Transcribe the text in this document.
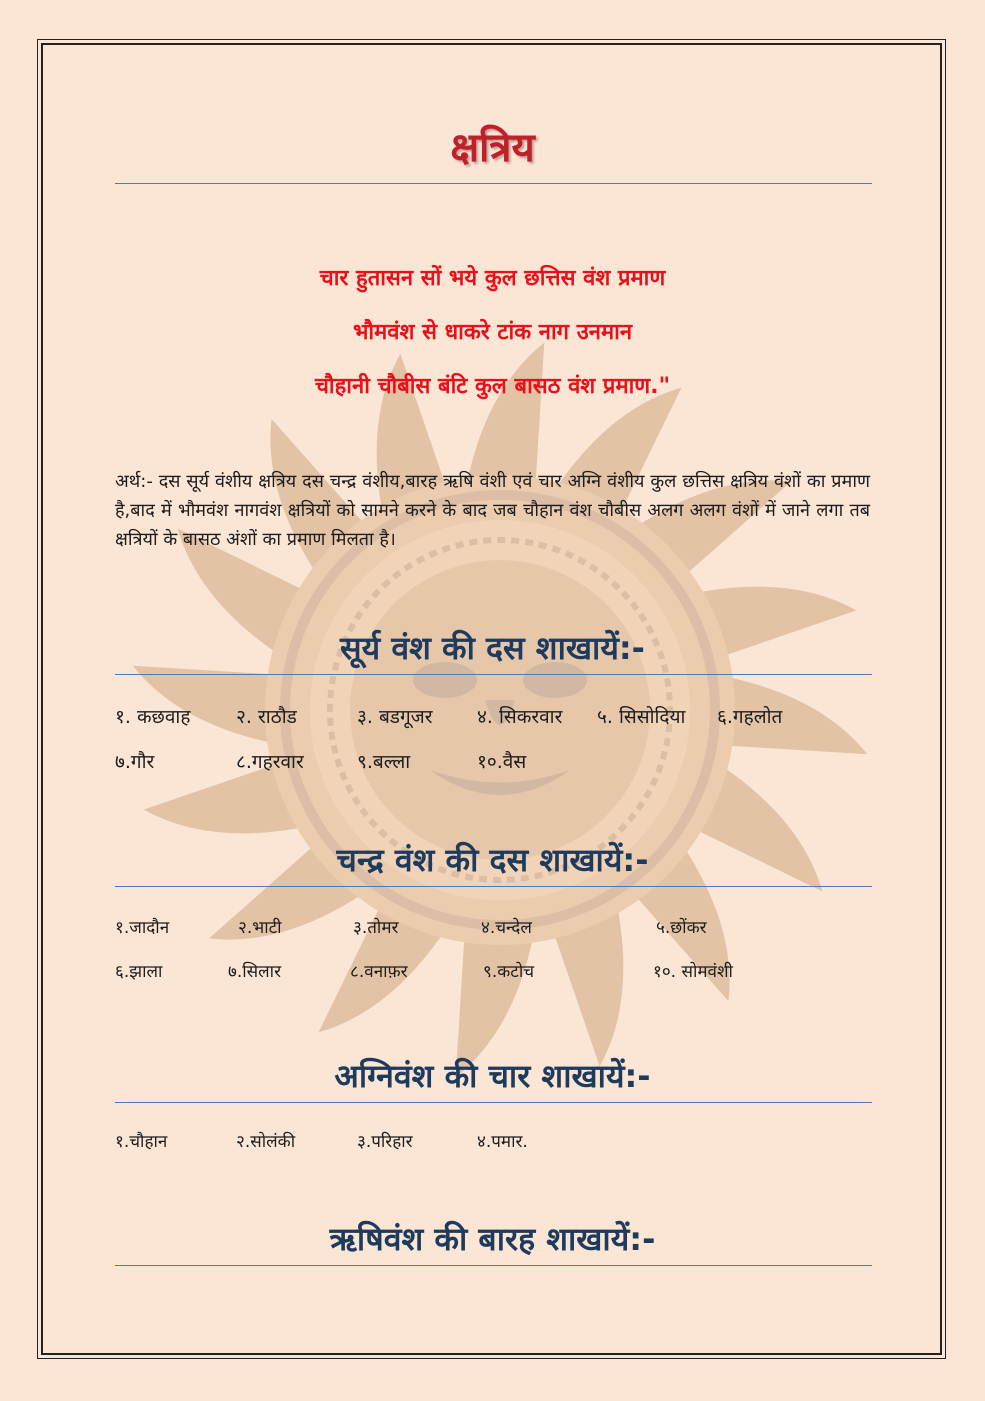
क्षत्रिय
चार हुतासन सों भये कुल छत्तिस वंश प्रमाण
भौमवंश से धाकरे टांक नाग उनमान
चौहानी चौबीस बंटि कुल बासठ वंश प्रमाण."
अर्थ:- दस सूर्य वंशीय क्षत्रिय दस चन्द्र वंशीय,बारह ऋषि वंशी एवं चार अग्नि वंशीय कुल छत्तिस क्षत्रिय वंशों का प्रमाण है,बाद में भौमवंश नागवंश क्षत्रियों को सामने करने के बाद जब चौहान वंश चौबीस अलग अलग वंशों में जाने लगा तब क्षत्रियों के बासठ अंशों का प्रमाण मिलता है।
सूर्य वंश की दस शाखायें:-
१. कछवाह २. राठौड	३. बडगूजर ४. सिकरवार ५. सिसोदिया ६.गहलोत
७.गौर	८.गहरवार	९.बल्ला	१०.वैस
चन्द्र वंश की दस शाखायें:-
१.जादौन	२.भाटी	३.तोमर	४.चन्देल	५.छोंकर
६.झाला	७.सिलार	८.वनाफ़र	९.कटोच	१०. सोमवंशी
अग्निवंश की चार शाखायें:-
१.चौहान	२.सोलंकी	३.परिहार	४.पमार.
ऋषिवंश की बारह शाखायें:-
